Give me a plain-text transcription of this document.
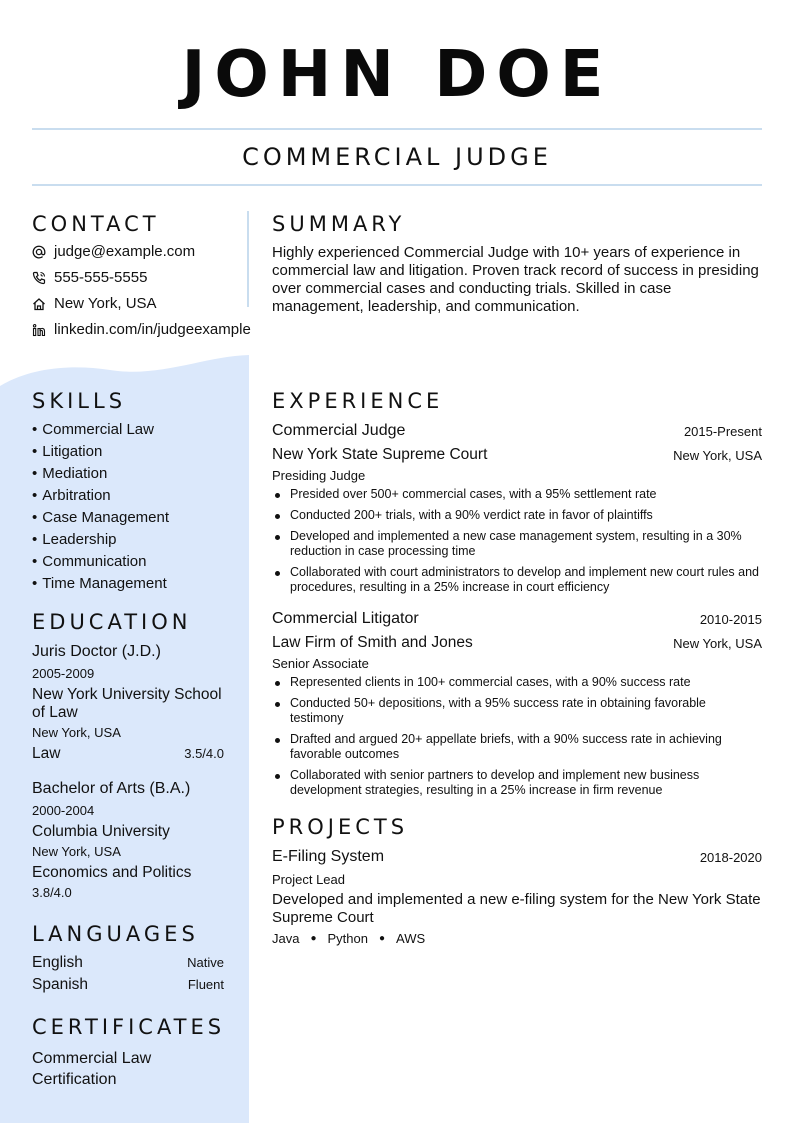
JOHN DOE
COMMERCIAL JUDGE
CONTACT
judge@example.com
555-555-5555
New York, USA
linkedin.com/in/judgeexample
SKILLS
• Commercial Law
• Litigation
• Mediation
• Arbitration
• Case Management
• Leadership
• Communication
• Time Management
EDUCATION
Juris Doctor (J.D.)
2005-2009
New York University School of Law
New York, USA
Law	3.5/4.0
Bachelor of Arts (B.A.)
2000-2004
Columbia University
New York, USA
Economics and Politics
3.8/4.0
LANGUAGES
English	Native
Spanish	Fluent
CERTIFICATES
Commercial Law Certification
SUMMARY
Highly experienced Commercial Judge with 10+ years of experience in commercial law and litigation. Proven track record of success in presiding over commercial cases and conducting trials. Skilled in case management, leadership, and communication.
EXPERIENCE
Commercial Judge	2015-Present
New York State Supreme Court	New York, USA
Presiding Judge
Presided over 500+ commercial cases, with a 95% settlement rate
Conducted 200+ trials, with a 90% verdict rate in favor of plaintiffs
Developed and implemented a new case management system, resulting in a 30% reduction in case processing time
Collaborated with court administrators to develop and implement new court rules and procedures, resulting in a 25% increase in court efficiency
Commercial Litigator	2010-2015
Law Firm of Smith and Jones	New York, USA
Senior Associate
Represented clients in 100+ commercial cases, with a 90% success rate
Conducted 50+ depositions, with a 95% success rate in obtaining favorable testimony
Drafted and argued 20+ appellate briefs, with a 90% success rate in achieving favorable outcomes
Collaborated with senior partners to develop and implement new business development strategies, resulting in a 25% increase in firm revenue
PROJECTS
E-Filing System	2018-2020
Project Lead
Developed and implemented a new e-filing system for the New York State Supreme Court
Java ● Python ● AWS
